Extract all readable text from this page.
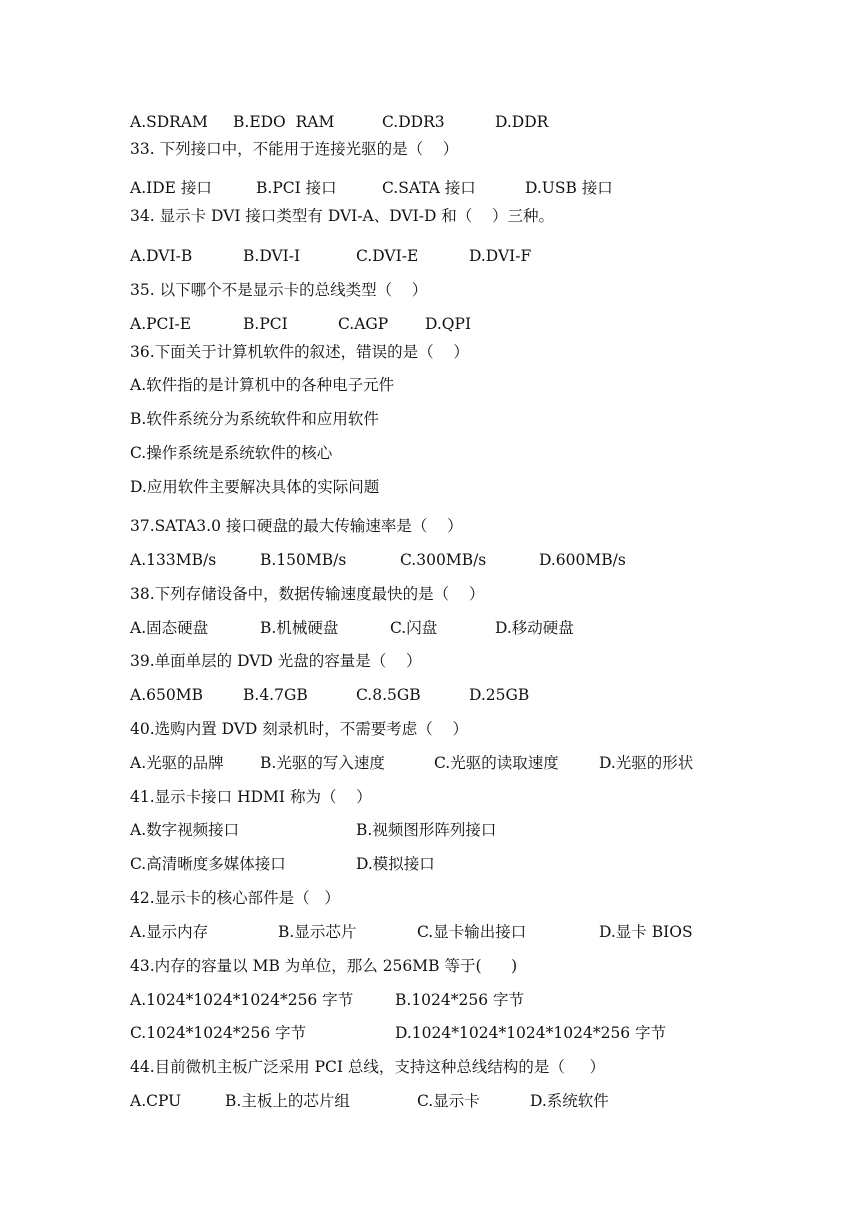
A.SDRAM B.EDO  RAM	C.DDR3	D.DDR
33. 下列接口中，不能用于连接光驱的是（    ）
A.IDE 接口	B.PCI 接口	C.SATA 接口	D.USB 接口
34. 显示卡 DVI 接口类型有 DVI-A、DVI-D 和（    ）三种。
A.DVI-B	B.DVI-I	C.DVI-E	D.DVI-F
35. 以下哪个不是显示卡的总线类型（    ）
A.PCI-E	B.PCI	C.AGP D.QPI
36.下面关于计算机软件的叙述，错误的是（    ）
A.软件指的是计算机中的各种电子元件
B.软件系统分为系统软件和应用软件
C.操作系统是系统软件的核心
D.应用软件主要解决具体的实际问题
37.SATA3.0 接口硬盘的最大传输速率是（    ）
A.133MB/s	B.150MB/s	C.300MB/s	D.600MB/s
38.下列存储设备中，数据传输速度最快的是（    ）
A.固态硬盘	B.机械硬盘	C.闪盘	D.移动硬盘
39.单面单层的 DVD 光盘的容量是（    ）
A.650MB	B.4.7GB	C.8.5GB	D.25GB
40.选购内置 DVD 刻录机时，不需要考虑（    ）
A.光驱的品牌 B.光驱的写入速度	C.光驱的读取速度	D.光驱的形状
41.显示卡接口 HDMI 称为（    ）
A.数字视频接口	B.视频图形阵列接口
C.高清晰度多媒体接口	D.模拟接口
42.显示卡的核心部件是（   ）
A.显示内存	B.显示芯片	C.显卡输出接口	D.显卡 BIOS
43.内存的容量以 MB 为单位，那么 256MB 等于(      )
A.1024*1024*1024*256 字节	B.1024*256 字节
C.1024*1024*256 字节	D.1024*1024*1024*1024*256 字节
44.目前微机主板广泛采用 PCI 总线，支持这种总线结构的是（     ）
A.CPU	B.主板上的芯片组	C.显示卡	D.系统软件
